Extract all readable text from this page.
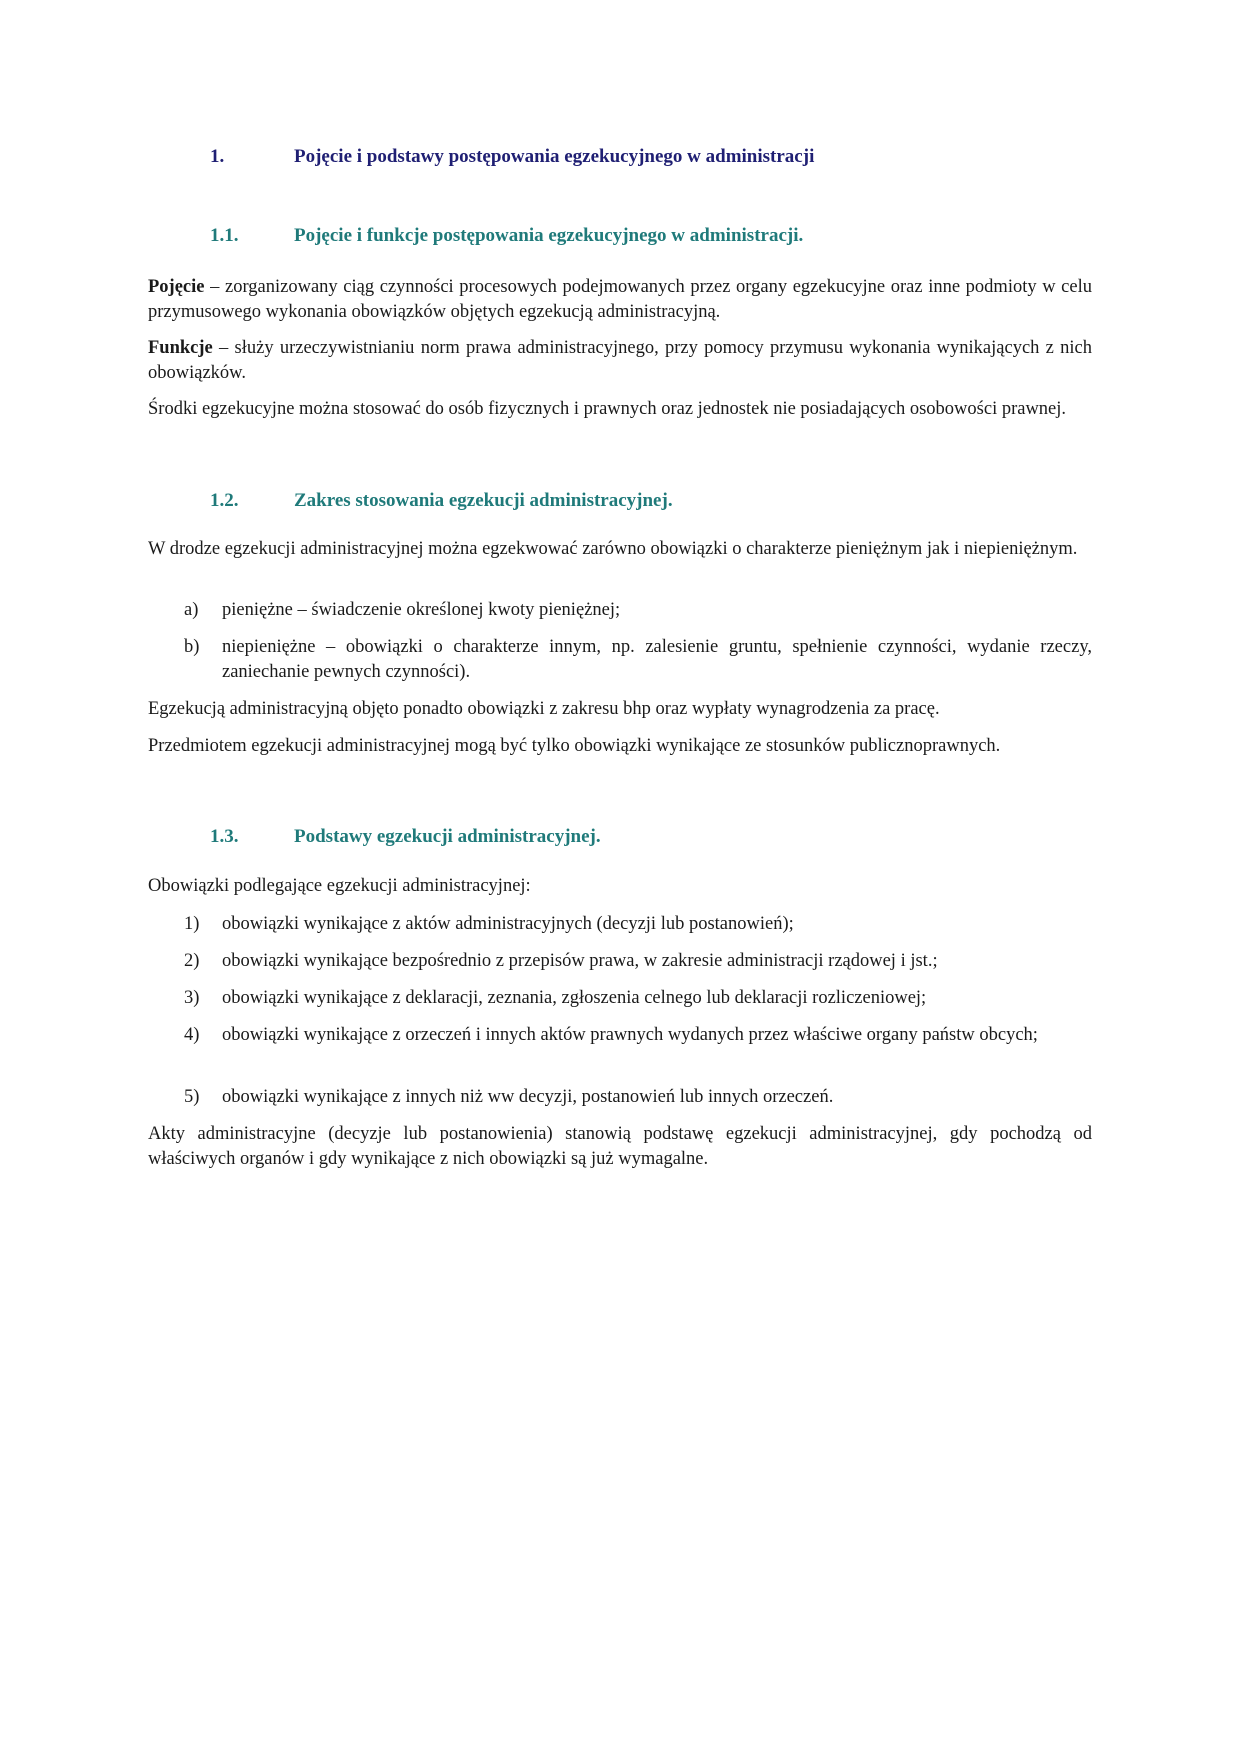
1.	Pojęcie i podstawy postępowania egzekucyjnego w administracji
1.1.	Pojęcie i funkcje postępowania egzekucyjnego w administracji.
Pojęcie – zorganizowany ciąg czynności procesowych podejmowanych przez organy egzekucyjne oraz inne podmioty w celu przymusowego wykonania obowiązków objętych egzekucją administracyjną.
Funkcje – służy urzeczywistnianiu norm prawa administracyjnego, przy pomocy przymusu wykonania wynikających z nich obowiązków.
Środki egzekucyjne można stosować do osób fizycznych i prawnych oraz jednostek nie posiadających osobowości prawnej.
1.2.	Zakres stosowania egzekucji administracyjnej.
W drodze egzekucji administracyjnej można egzekwować zarówno obowiązki o charakterze pieniężnym jak i niepieniężnym.
a) pieniężne – świadczenie określonej kwoty pieniężnej;
b) niepieniężne – obowiązki o charakterze innym, np. zalesienie gruntu, spełnienie czynności, wydanie rzeczy, zaniechanie pewnych czynności).
Egzekucją administracyjną objęto ponadto obowiązki z zakresu bhp oraz wypłaty wynagrodzenia za pracę.
Przedmiotem egzekucji administracyjnej mogą być tylko obowiązki wynikające ze stosunków publicznoprawnych.
1.3.	Podstawy egzekucji administracyjnej.
Obowiązki podlegające egzekucji administracyjnej:
1) obowiązki wynikające z aktów administracyjnych (decyzji lub postanowień);
2) obowiązki wynikające bezpośrednio z przepisów prawa, w zakresie administracji rządowej i jst.;
3) obowiązki wynikające z deklaracji, zeznania, zgłoszenia celnego lub deklaracji rozliczeniowej;
4) obowiązki wynikające z orzeczeń i innych aktów prawnych wydanych przez właściwe organy państw obcych;
5) obowiązki wynikające z innych niż ww decyzji, postanowień lub innych orzeczeń.
Akty administracyjne (decyzje lub postanowienia) stanowią podstawę egzekucji administracyjnej, gdy pochodzą od właściwych organów i gdy wynikające z nich obowiązki są już wymagalne.
